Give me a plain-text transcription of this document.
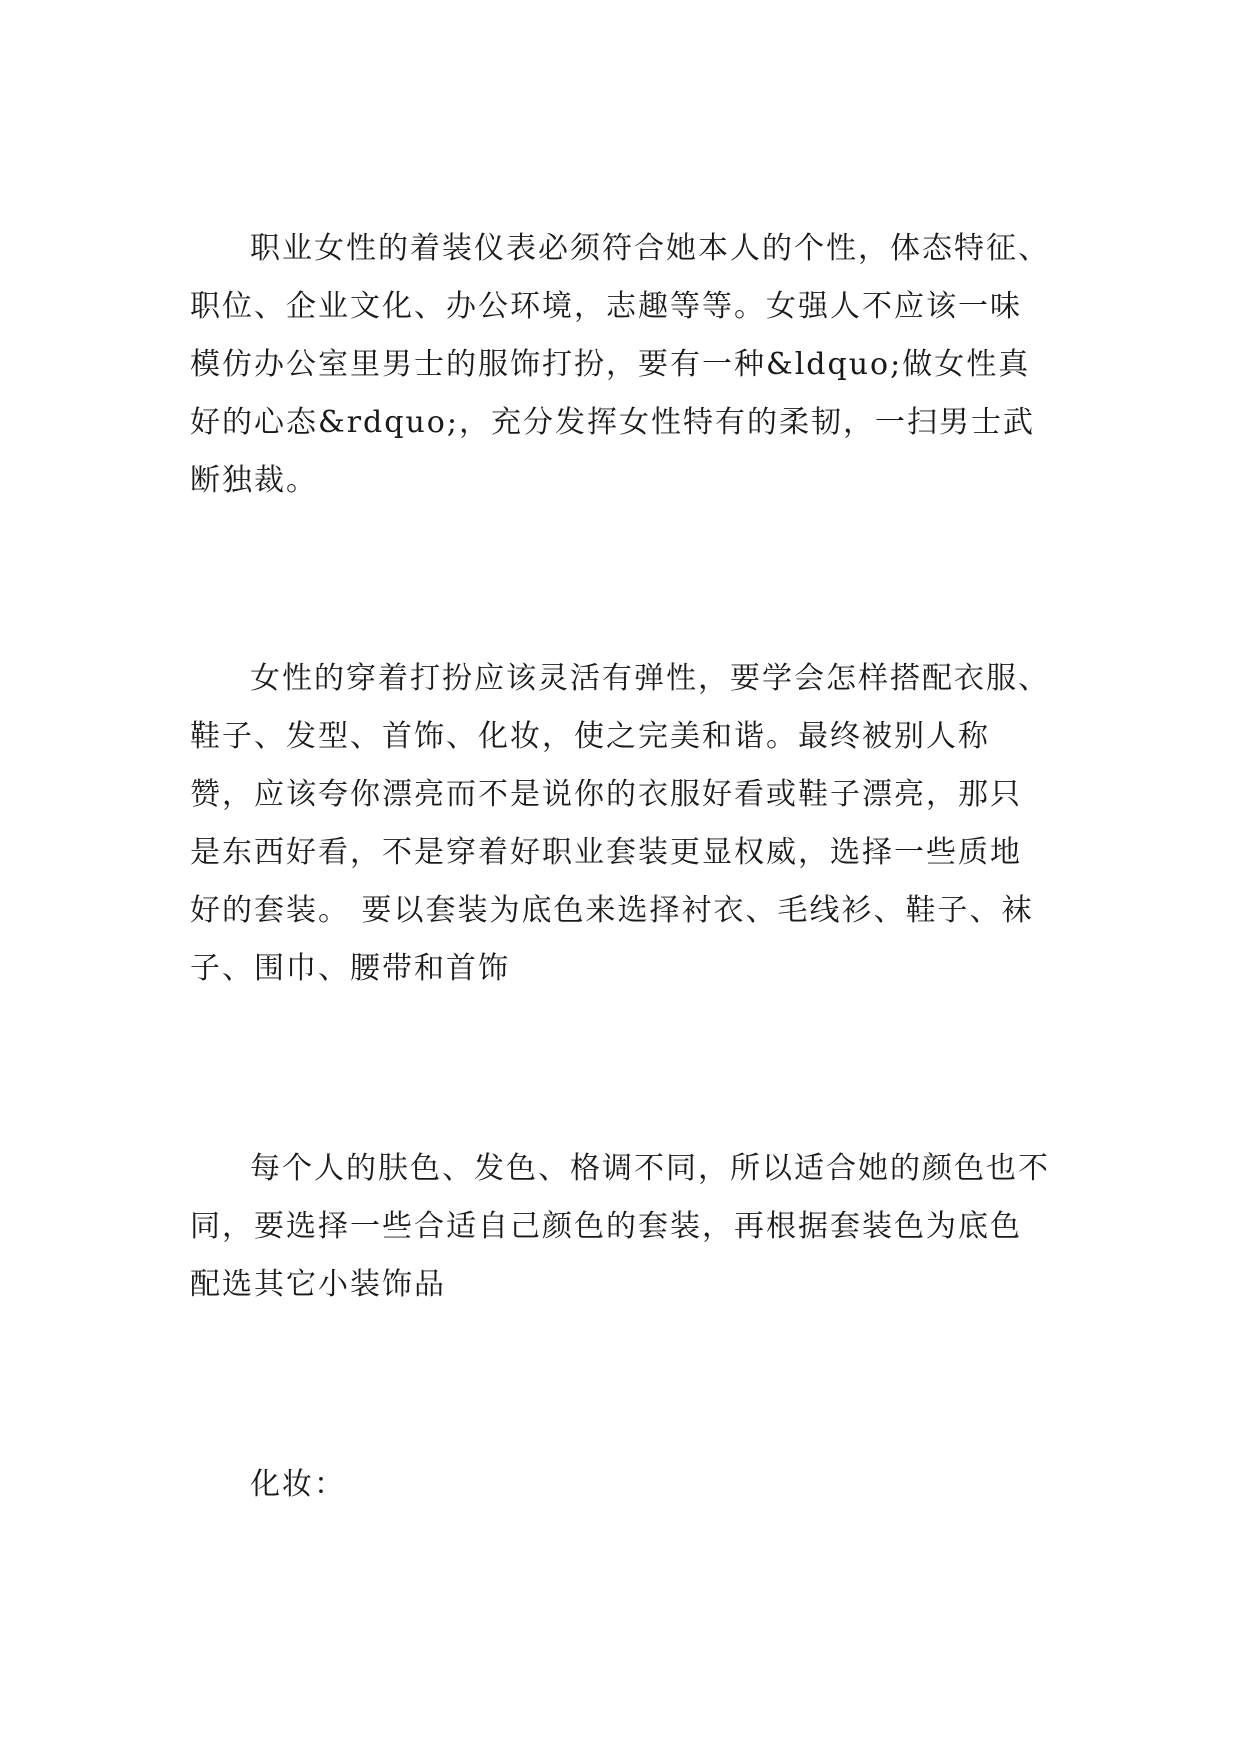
职业女性的着装仪表必须符合她本人的个性，体态特征、职位、企业文化、办公环境，志趣等等。女强人不应该一味模仿办公室里男士的服饰打扮，要有一种&ldquo;做女性真好的心态&rdquo;，充分发挥女性特有的柔韧，一扫男士武断独裁。

女性的穿着打扮应该灵活有弹性，要学会怎样搭配衣服、鞋子、发型、首饰、化妆，使之完美和谐。最终被别人称赞，应该夸你漂亮而不是说你的衣服好看或鞋子漂亮，那只是东西好看，不是穿着好职业套装更显权威，选择一些质地好的套装。 要以套装为底色来选择衬衣、毛线衫、鞋子、袜子、围巾、腰带和首饰

每个人的肤色、发色、格调不同，所以适合她的颜色也不同，要选择一些合适自己颜色的套装，再根据套装色为底色配选其它小装饰品

化妆：
